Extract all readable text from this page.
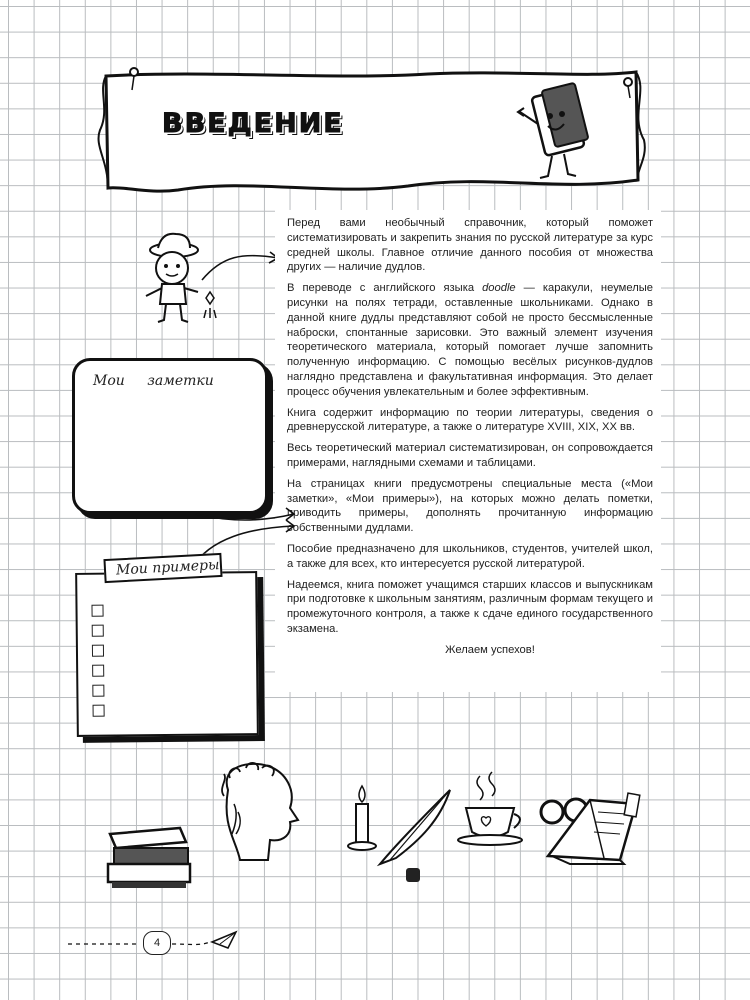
ВВЕДЕНИЕ

Перед вами необычный справочник, который поможет систематизировать и закрепить знания по русской литературе за курс средней школы. Главное отличие данного пособия от множества других — наличие дудлов.

В переводе с английского языка doodle — каракули, неумелые рисунки на полях тетради, оставленные школьниками. Однако в данной книге дудлы представляют собой не просто бессмысленные наброски, спонтанные зарисовки. Это важный элемент изучения теоретического материала, который помогает лучше запомнить полученную информацию. С помощью весёлых рисунков-дудлов наглядно представлена и факультативная информация. Это делает процесс обучения увлекательным и более эффективным.

Книга содержит информацию по теории литературы, сведения о древнерусской литературе, а также о литературе XVIII, XIX, XX вв.

Весь теоретический материал систематизирован, он сопровождается примерами, наглядными схемами и таблицами.

На страницах книги предусмотрены специальные места («Мои заметки», «Мои примеры»), на которых можно делать пометки, приводить примеры, дополнять прочитанную информацию собственными дудлами.

Пособие предназначено для школьников, студентов, учителей школ, а также для всех, кто интересуется русской литературой.

Надеемся, книга поможет учащимся старших классов и выпускникам при подготовке к школьным занятиям, различным формам текущего и промежуточного контроля, а также к сдаче единого государственного экзамена.

Желаем успехов!

Мои заметки
Мои примеры
4
